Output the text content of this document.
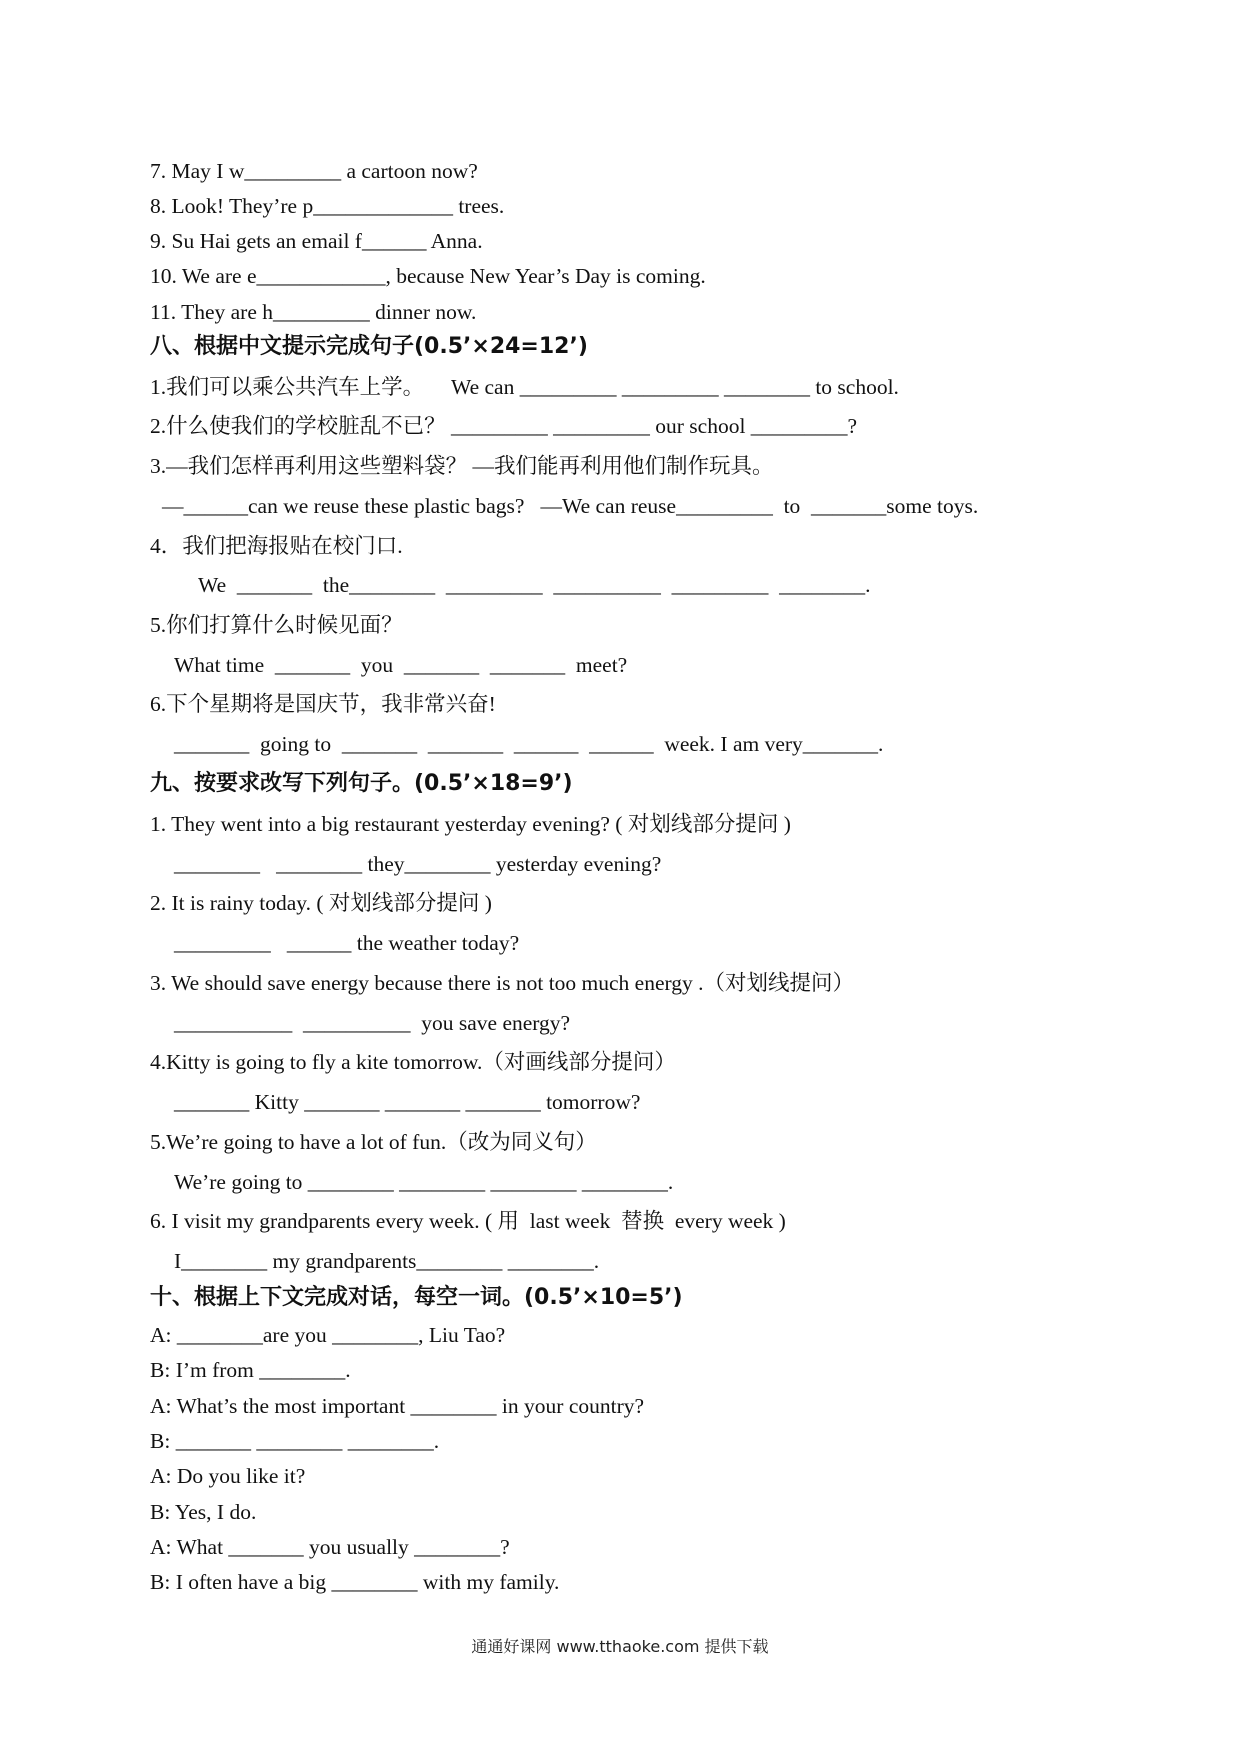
7. May I w_________ a cartoon now?
8. Look! They’re p_____________ trees.
9. Su Hai gets an email f______ Anna.
10. We are e____________, because New Year’s Day is coming.
11. They are h_________ dinner now.
八、根据中文提示完成句子(0.5’×24=12’)
1.我们可以乘公共汽车上学。     We can _________ _________ ________ to school.
2.什么使我们的学校脏乱不已？ _________ _________ our school _________?
3.—我们怎样再利用这些塑料袋？ —我们能再利用他们制作玩具。
—______can we reuse these plastic bags?   —We can reuse_________  to  _______some toys.
4．我们把海报贴在校门口.
We  _______  the________  _________  __________  _________  ________.
5.你们打算什么时候见面？
What time  _______  you  _______  _______  meet?
6.下个星期将是国庆节，我非常兴奋!
_______  going to  _______  _______  ______  ______  week. I am very_______.
九、按要求改写下列句子。(0.5’×18=9’)
1. They went into a big restaurant yesterday evening? ( 对划线部分提问 )
________   ________ they________ yesterday evening?
2. It is rainy today. ( 对划线部分提问 )
_________   ______ the weather today?
3. We should save energy because there is not too much energy .（对划线提问）
___________  __________  you save energy?
4.Kitty is going to fly a kite tomorrow.（对画线部分提问）
_______ Kitty _______ _______ _______ tomorrow?
5.We’re going to have a lot of fun.（改为同义句）
We’re going to ________ ________ ________ ________.
6. I visit my grandparents every week. ( 用  last week  替换  every week )
I________ my grandparents________ ________.
十、根据上下文完成对话，每空一词。(0.5’×10=5’)
A: ________are you ________, Liu Tao?
B: I’m from ________.
A: What’s the most important ________ in your country?
B: _______ ________ ________.
A: Do you like it?
B: Yes, I do.
A: What _______ you usually ________?
B: I often have a big ________ with my family.
通通好课网 www.tthaoke.com 提供下载
